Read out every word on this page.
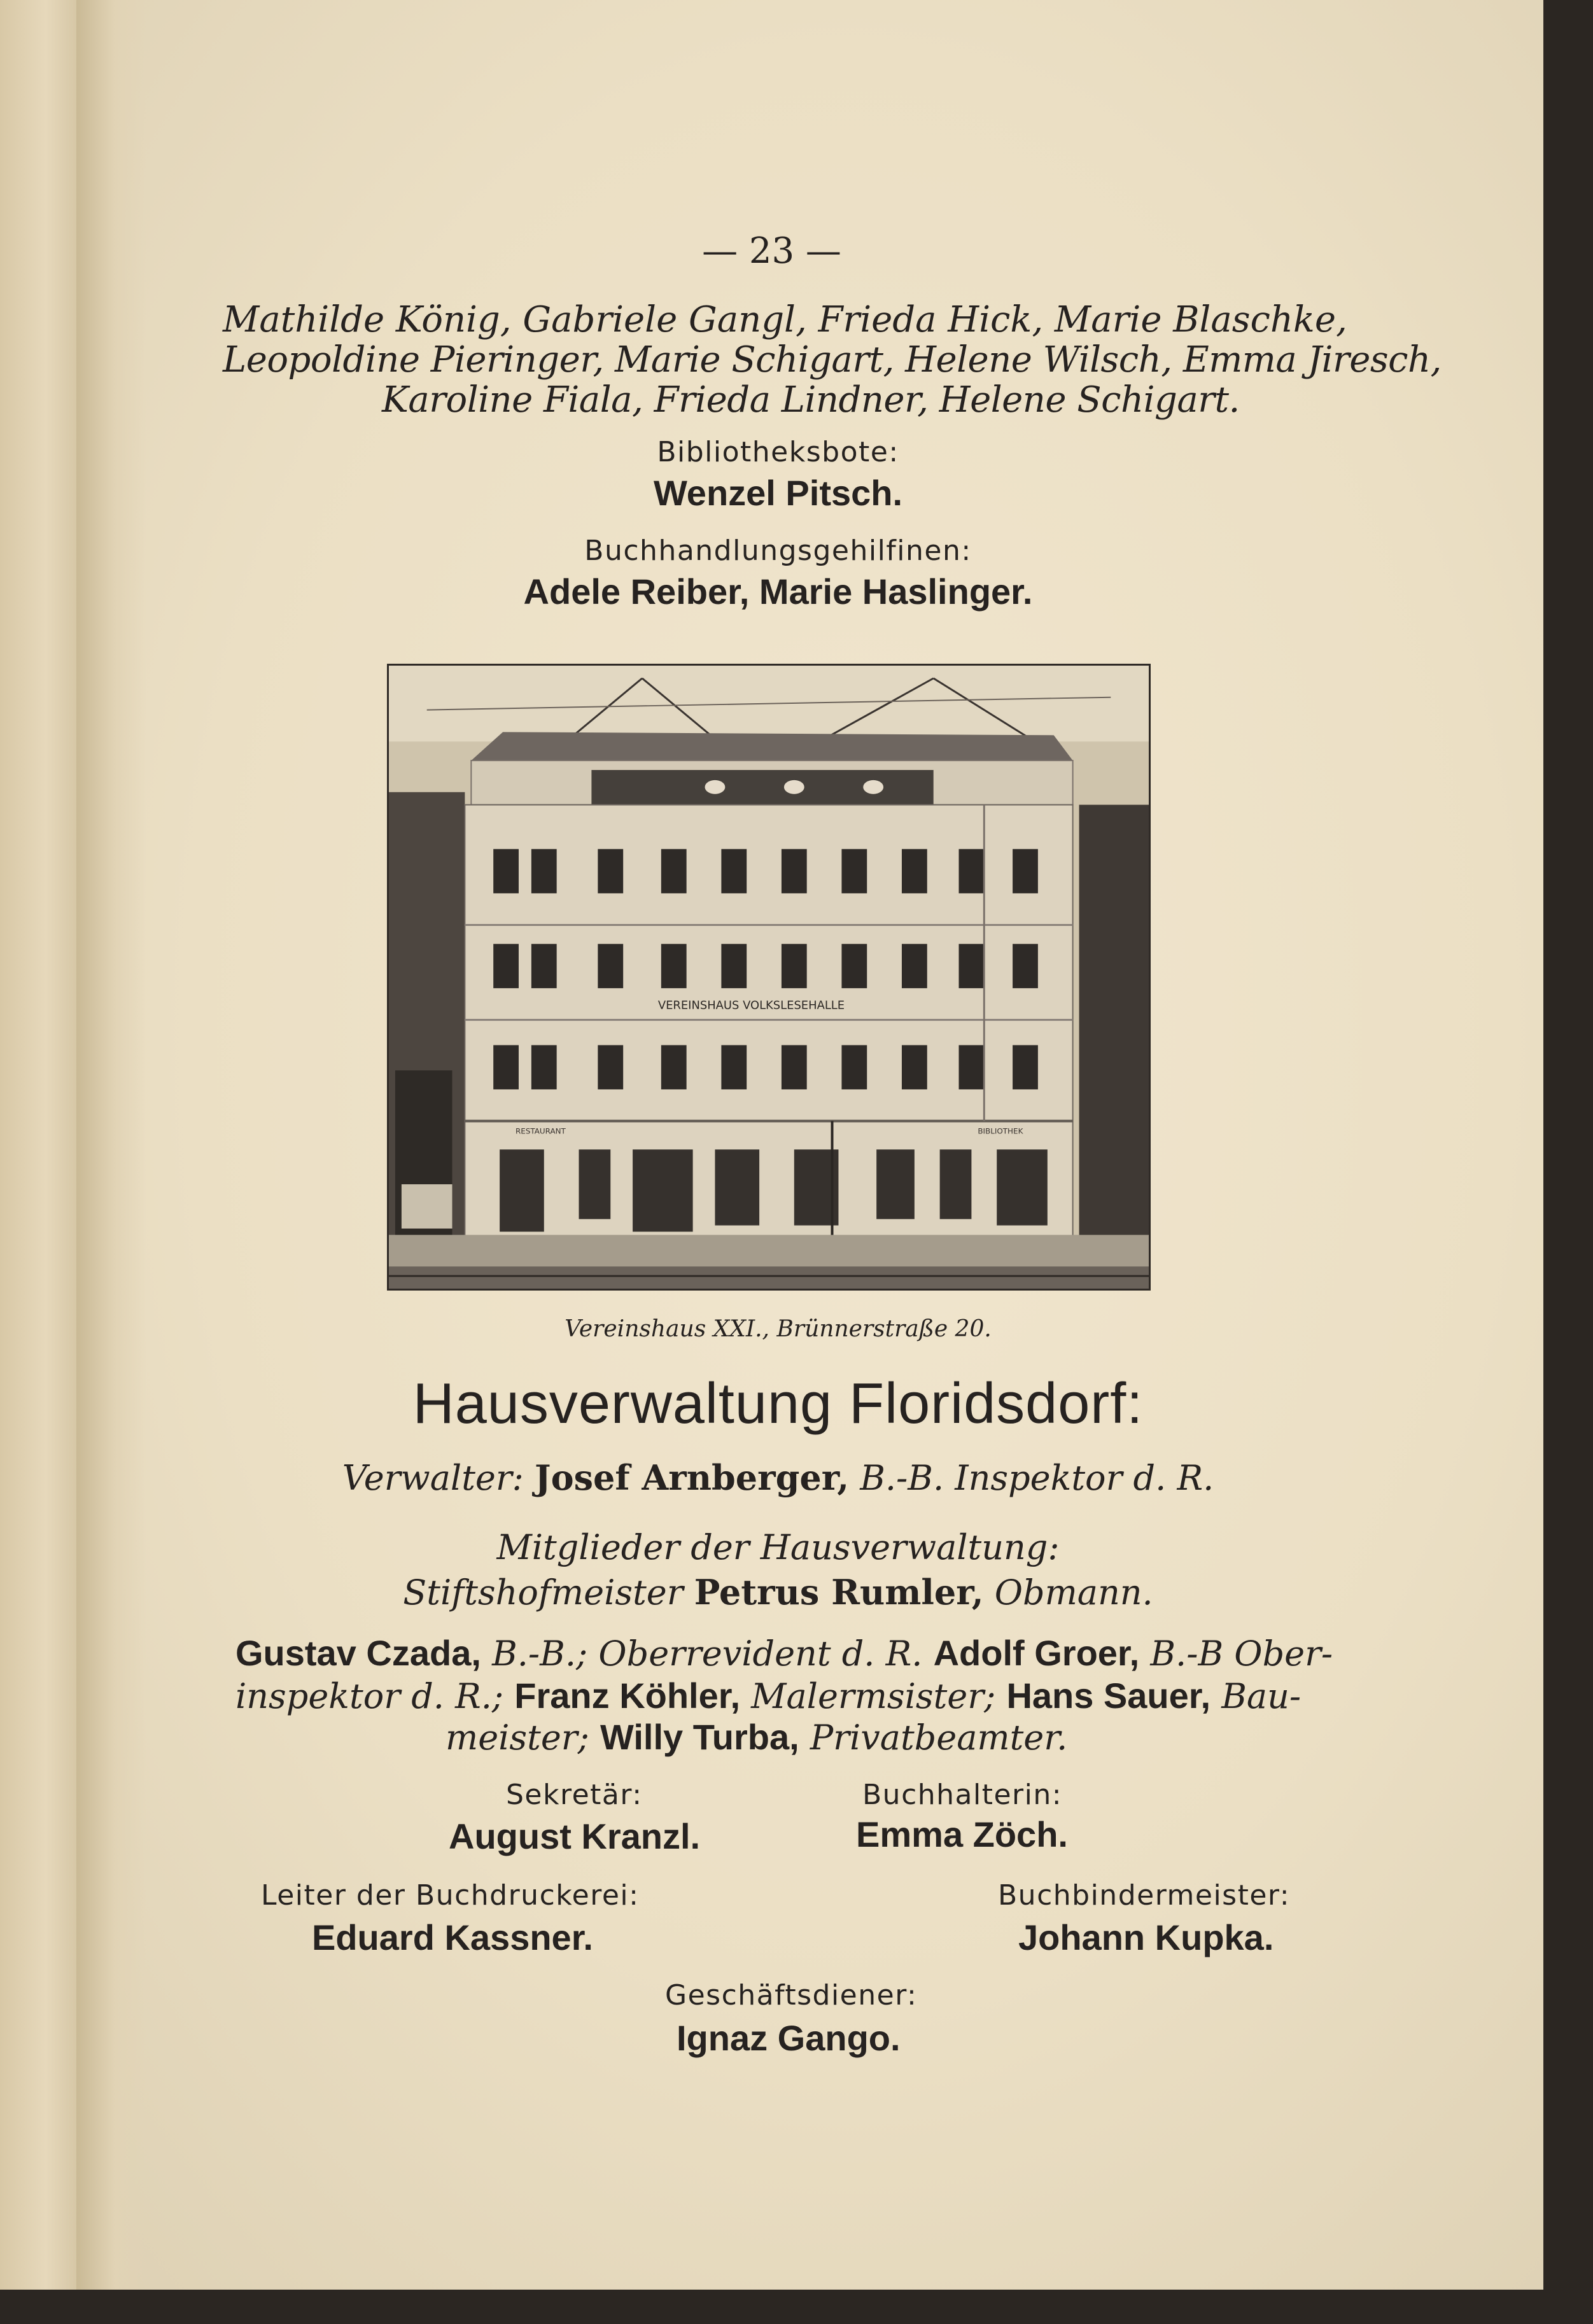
— 23 —
Mathilde König, Gabriele Gangl, Frieda Hick, Marie Blaschke,
Leopoldine Pieringer, Marie Schigart, Helene Wilsch, Emma Jiresch,
Karoline Fiala, Frieda Lindner, Helene Schigart.
Bibliotheksbote:
Wenzel Pitsch.
Buchhandlungsgehilfinen:
Adele Reiber, Marie Haslinger.
VEREINSHAUS VOLKSLESEHALLE
RESTAURANT	BIBLIOTHEK
Vereinshaus XXI., Brünnerstraße 20.
Hausverwaltung Floridsdorf:
Verwalter: Josef Arnberger, B.-B. Inspektor d. R.
Mitglieder der Hausverwaltung:
Stiftshofmeister Petrus Rumler, Obmann.
Gustav Czada, B.-B.; Oberrevident d. R. Adolf Groer, B.-B Ober-
inspektor d. R.; Franz Köhler, Malermsister; Hans Sauer, Bau-
meister; Willy Turba, Privatbeamter.
Sekretär:
August Kranzl.
Buchhalterin:
Emma Zöch.
Leiter der Buchdruckerei:
Eduard Kassner.
Buchbindermeister:
Johann Kupka.
Geschäftsdiener:
Ignaz Gango.
